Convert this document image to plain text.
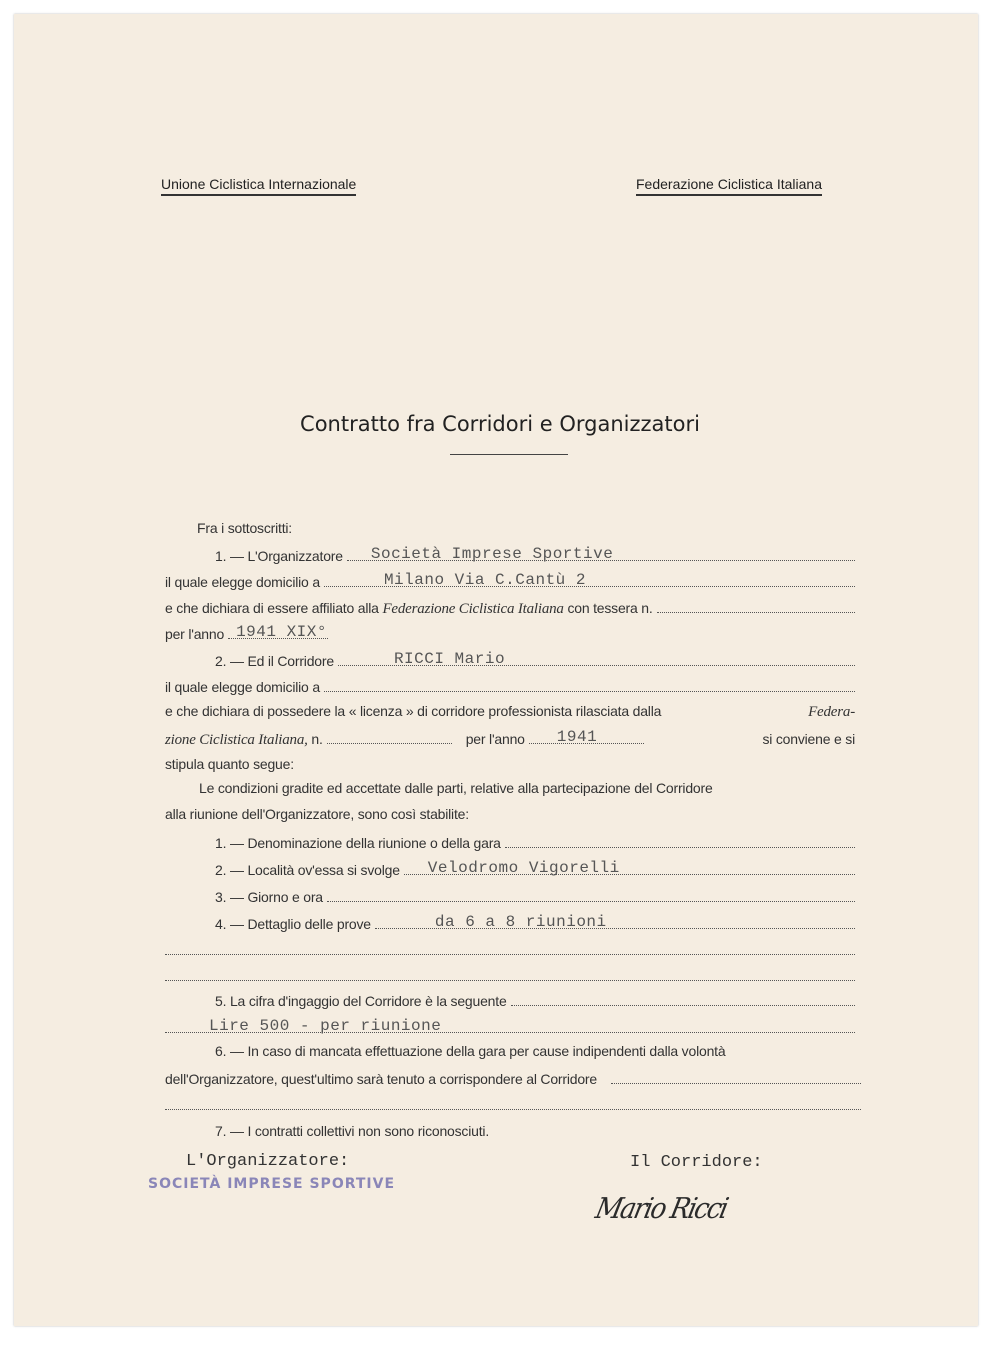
Unione Ciclistica Internazionale	Federazione Ciclistica Italiana
Contratto fra Corridori e Organizzatori
Fra i sottoscritti:
1. — L'Organizzatore Società Imprese Sportive
il quale elegge domicilio a	Milano Via C.Cantù 2
e che dichiara di essere affiliato alla
Federazione Ciclistica Italiana
con tessera n.
per l'anno 1941 XIX°
2. — Ed il Corridore	RICCI Mario
il quale elegge domicilio a
e che dichiara di possedere la « licenza » di corridore professionista rilasciata dalla	Federa-
zione Ciclistica Italiana,
n.	per l'anno 1941	si conviene e si
stipula quanto segue:
Le condizioni gradite ed accettate dalle parti, relative alla partecipazione del Corridore
alla riunione dell'Organizzatore, sono così stabilite:
1. — Denominazione della riunione o della gara
2. — Località ov'essa si svolge Velodromo Vigorelli
3. — Giorno e ora
4. — Dettaglio delle prove	da 6 a 8 riunioni
5. La cifra d'ingaggio del Corridore è la seguente
Lire 500 - per riunione
6. — In caso di mancata effettuazione della gara per cause indipendenti dalla volontà
dell'Organizzatore, quest'ultimo sarà tenuto a corrispondere al Corridore
7. — I contratti collettivi non sono riconosciuti.
L'Organizzatore:
SOCIETÀ IMPRESE SPORTIVE
Il Corridore:
Mario Ricci
